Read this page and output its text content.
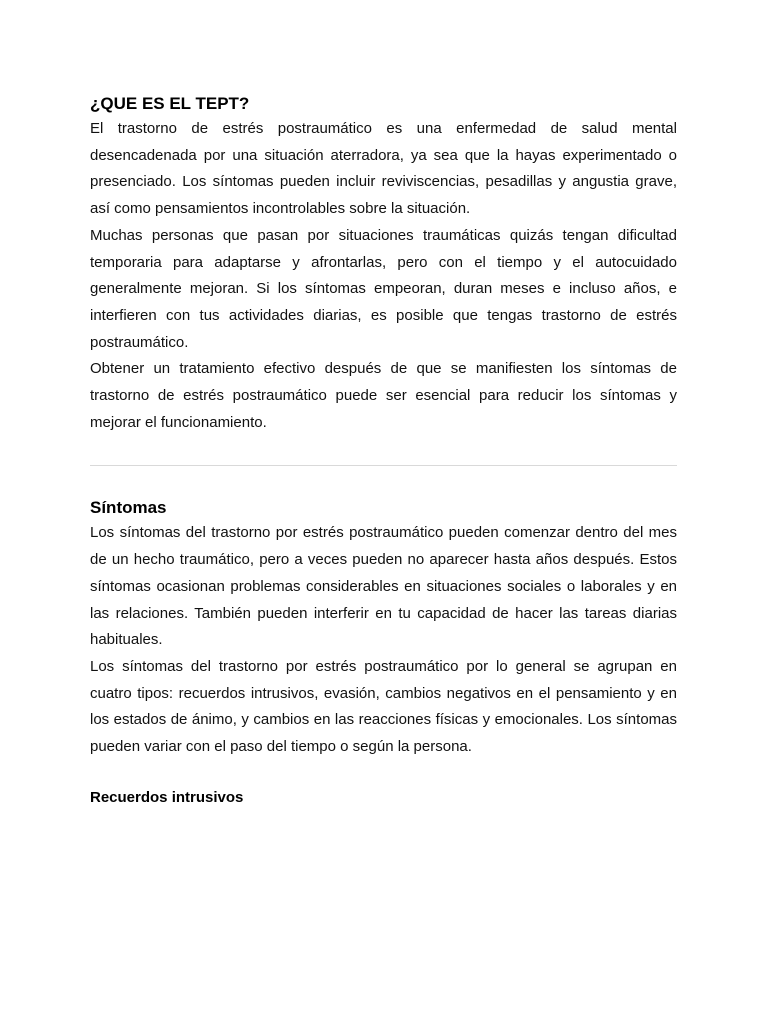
¿QUE ES EL TEPT?

El trastorno de estrés postraumático es una enfermedad de salud mental desencadenada por una situación aterradora, ya sea que la hayas experimentado o presenciado. Los síntomas pueden incluir reviviscencias, pesadillas y angustia grave, así como pensamientos incontrolables sobre la situación.

Muchas personas que pasan por situaciones traumáticas quizás tengan dificultad temporaria para adaptarse y afrontarlas, pero con el tiempo y el autocuidado generalmente mejoran. Si los síntomas empeoran, duran meses e incluso años, e interfieren con tus actividades diarias, es posible que tengas trastorno de estrés postraumático.

Obtener un tratamiento efectivo después de que se manifiesten los síntomas de trastorno de estrés postraumático puede ser esencial para reducir los síntomas y mejorar el funcionamiento.

Síntomas

Los síntomas del trastorno por estrés postraumático pueden comenzar dentro del mes de un hecho traumático, pero a veces pueden no aparecer hasta años después. Estos síntomas ocasionan problemas considerables en situaciones sociales o laborales y en las relaciones. También pueden interferir en tu capacidad de hacer las tareas diarias habituales.

Los síntomas del trastorno por estrés postraumático por lo general se agrupan en cuatro tipos: recuerdos intrusivos, evasión, cambios negativos en el pensamiento y en los estados de ánimo, y cambios en las reacciones físicas y emocionales. Los síntomas pueden variar con el paso del tiempo o según la persona.

Recuerdos intrusivos
